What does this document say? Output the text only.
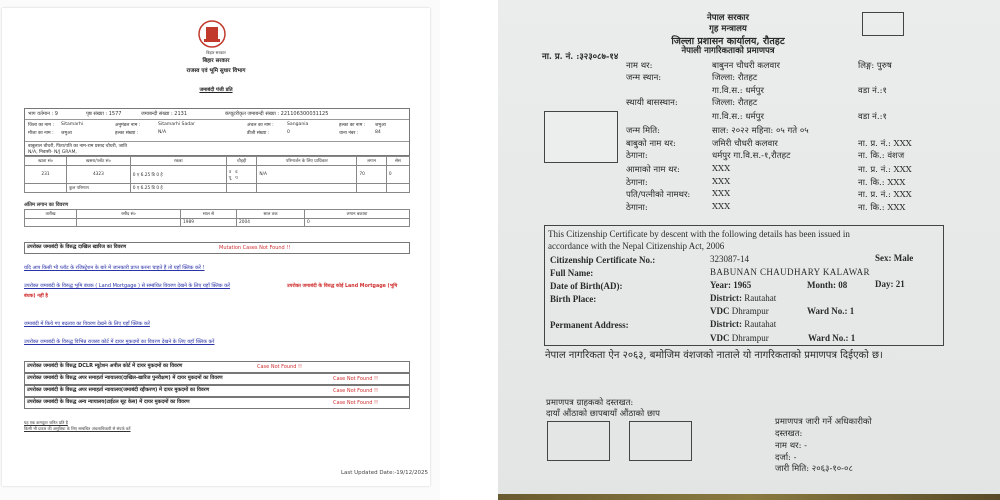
बिहार सरकार
बिहार सरकार
राजस्व एवं भूमि सुधार विभाग
जमाबंदी पंजी प्रति
भाग वर्तमान : 9	पृष्ठ संख्या : 1577	जमाबन्दी संख्या : 2131	कंप्यूटरीकृत जमाबन्दी संख्या : 221106300031125
जिला का नाम : Sitamarhi	अनुमंडल नाम :	Sitamarhi Sadar	अंचल का नाम :	Sangania	हल्का का नाम : जमुआ
मौजा का नाम : जमुआ	हल्का संख्या :	N/A	डीजी संख्या :	0	थाना नंबर :	84
बाबुलाल चौधरी, पिता/पति का नाम-राम प्रसाद चौधरी, जाति
N/A, निवासी- N/J GRAM,
खाता सं०	खसरा/प्लॉट सं०	रकबा	चौहद्दी	परिमार्जन के लिए प्राधिकार	लगान	सेस
231	4323	0 ए 6.25 डि 0 है	उ   द
पू   प	N/A	70	0
	कुल परिमाण	0 ए 6.25 डि 0 है				
अंतिम लगान का विवरण
तारीख	रसीद सं०	साल से	साल तक	लगान बकाया
		1989	2004	0
उपरोक्त जमाबंदी के विरुद्ध दाखिल खारिज का विवरण	Mutation Cases Not Found !!
यदि आप किसी भी प्लॉट के रजिस्ट्रेशन के बारे में जानकारी प्राप्त करना चाहते हैं तो यहाँ क्लिक करें !
उपरोक्त जमाबंदी के विरुद्ध भूमि बंधक ( Land Mortgage ) से सम्बंधित विवरण देखने के लिए यहाँ क्लिक करें	उपरोक्त जमाबंदी के विरुद्ध कोई Land Mortgage (भूमि
बंधक) नहीं है
जमाबंदी में किये गए बदलाव का विवरण देखने के लिए यहाँ क्लिक करें
उपरोक्त जमाबंदी के विरुद्ध विभिन्न राजस्व कोर्ट में दायर मुकदमों का विवरण देखने के लिए यहाँ क्लिक करें
उपरोक्त जमाबंदी के विरुद्ध DCLR म्यूटेशन अपील कोर्ट में दायर मुकदमों का विवरण	Case Not Found !!
उपरोक्त जमाबंदी के विरुद्ध अपर समाहर्ता न्यायालय(दाखिल-खारिज पुनरीक्षण) में दायर मुकदमों का विवरण	Case Not Found !!
उपरोक्त जमाबंदी के विरुद्ध अपर समाहर्ता न्यायालय(जमाबंदी रद्दीकरण) में दायर मुकदमों का विवरण	Case Not Found !!
उपरोक्त जमाबंदी के विरुद्ध अन्य न्यायालय(टाईटल सूट केस) में दायर मुकदमों का विवरण	Case Not Found !!
यह एक कम्प्यूटर जनित प्रति है
किसी भी प्रकार की असुविधा के लिए सम्बंधित अंचलाधिकारी से संपर्क करें
Last Updated Date:-19/12/2025
नेपाल सरकार
गृह मन्त्रालय
जिल्ला प्रशासन कार्यालय, रौतहट
नेपाली नागरिकताको प्रमाणपत्र
ना. प्र. नं. :३२३०८७-१४
नाम थर:	बाबुनन चौधरी कलवार	लिङ्ग: पुरुष
जन्म स्थान:	जिल्ला: रौतहट
गा.वि.स.: धर्मपुर	वडा नं.:१
स्थायी बासस्थान:	जिल्ला: रौतहट
गा.वि.स.: धर्मपुर	वडा नं.:१
जन्म मिति:	साल: २०२२ महिना: ०५ गते ०५
बाबुको नाम थर:	जमिरी चौधरी कलवार	ना. प्र. नं.: XXX
ठेगाना:	धर्मपुर गा.वि.स.-१,रौतहट	ना. कि.: वंशज
आमाको नाम थर:	XXX	ना. प्र. नं.: XXX
ठेगाना:	XXX	ना. कि.: XXX
पति/पत्नीको नामथर:	XXX	ना. प्र. नं.: XXX
ठेगाना:	XXX	ना. कि.: XXX
This Citizenship Certificate by descent with the following details has been issued in
accordance with the Nepal Citizenship Act, 2006
Citizenship Certificate No.:	323087-14	Sex: Male
Full Name:	BABUNAN CHAUDHARY KALAWAR
Date of Birth(AD):	Year: 1965	Month: 08	Day: 21
Birth Place:	District: Rautahat
VDC Dhrampur	Ward No.: 1
Permanent Address:	District: Rautahat
VDC Dhrampur	Ward No.: 1
नेपाल नागरिकता ऐन २०६३, बमोजिम वंशजको नाताले यो नागरिकताको प्रमाणपत्र दिईएको छ।
प्रमाणपत्र ग्राहकको दस्तखत:
दायाँ औंठाको छापबायाँ औंठाको छाप
प्रमाणपत्र जारी गर्ने अधिकारीको
दस्तखत:
नाम थर: -
दर्जा: -
जारी मिति: २०६३-१०-०८
